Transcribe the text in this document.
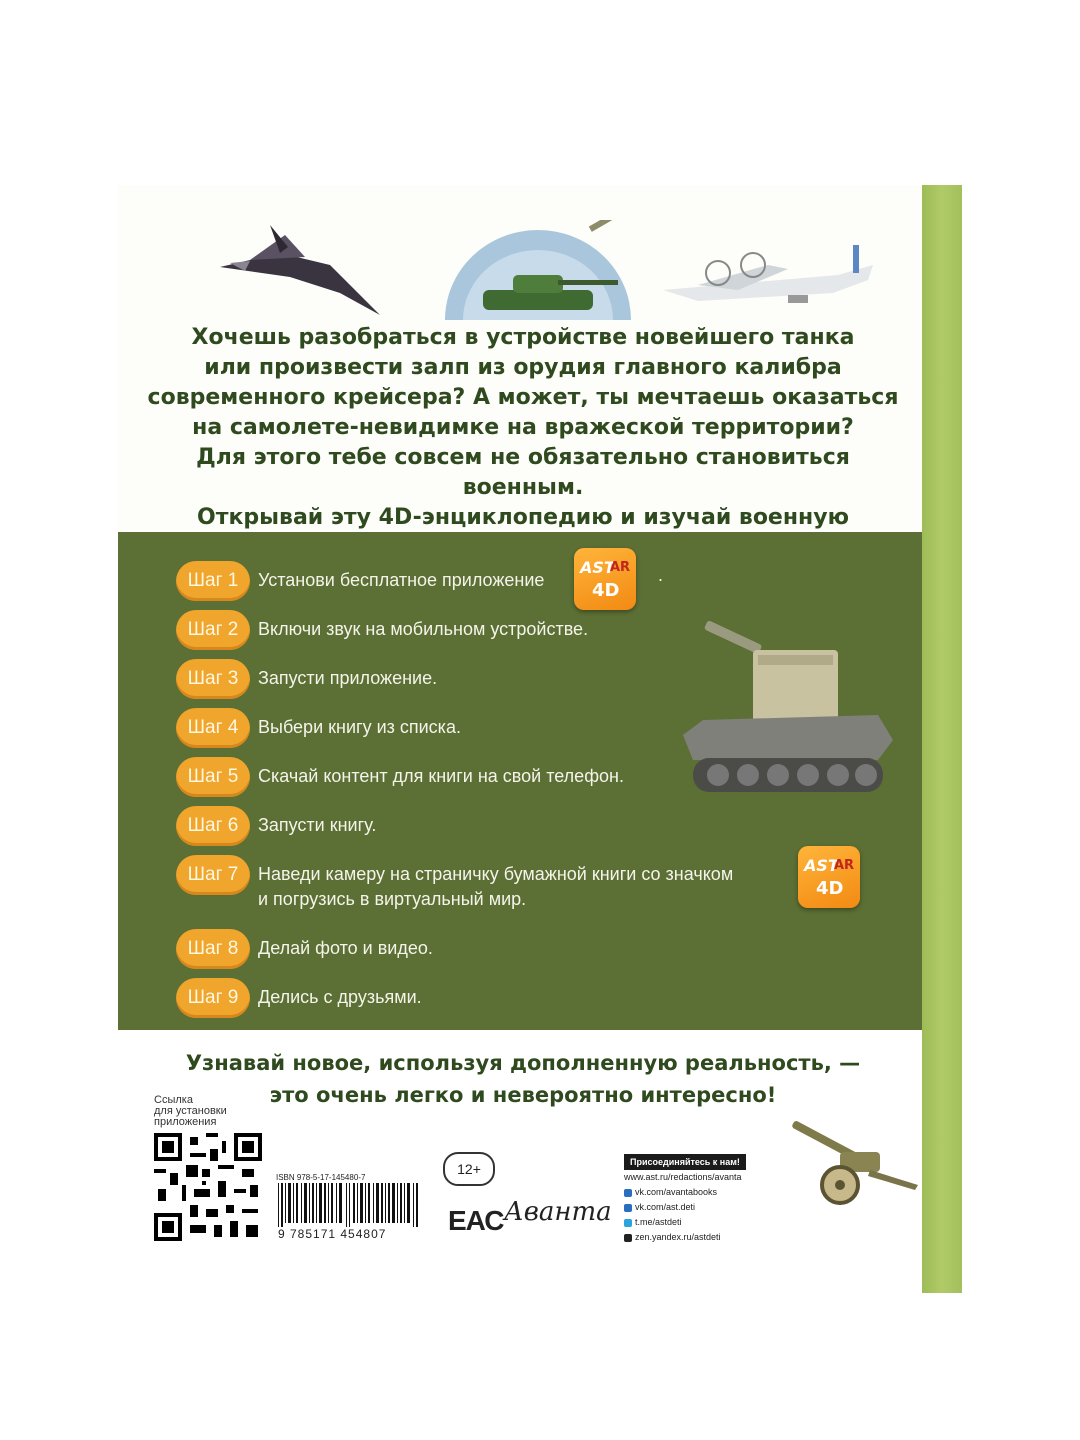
Хочешь разобраться в устройстве новейшего танка
или произвести залп из орудия главного калибра
современного крейсера? А может, ты мечтаешь оказаться
на самолете-невидимке на вражеской территории?
Для этого тебе совсем не обязательно становиться военным.
Открывай эту 4D-энциклопедию и изучай военную

Шаг 1	Установи бесплатное приложение
Шаг 2	Включи звук на мобильном устройстве.
Шаг 3	Запусти приложение.
Шаг 4	Выбери книгу из списка.
Шаг 5	Скачай контент для книги на свой телефон.
Шаг 6	Запусти книгу.
Шаг 7	Наведи камеру на страничку бумажной книги со значком
и погрузись в виртуальный мир.
Шаг 8	Делай фото и видео.
Шаг 9	Делись с друзьями.
AST
AR
4D
.
AST
AR
4D

Узнавай новое, используя дополненную реальность, —
это очень легко и невероятно интересно!

Ссылка
для установки
приложения
ISBN 978-5-17-145480-7
9 785171 454807
12+
ЕАС Аванта
Присоединяйтесь к нам!
www.ast.ru/redactions/avanta
vk.com/avantabooks
vk.com/ast.deti
t.me/astdeti
zen.yandex.ru/astdeti
